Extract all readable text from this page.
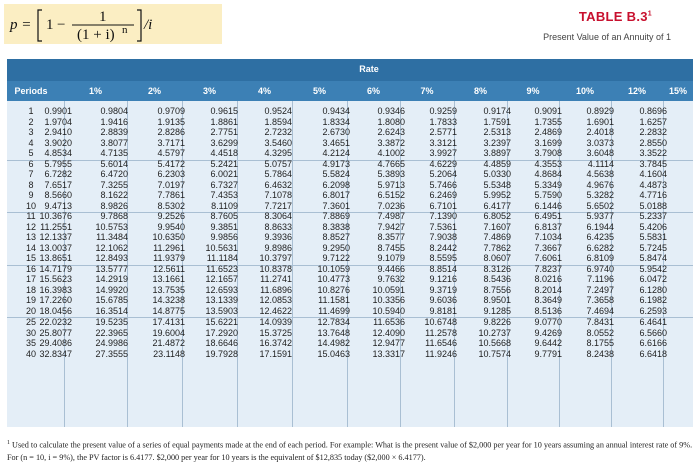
p = 1 − 1
(1 + i) n /i
TABLE $B.3^1$
Present Value of an Annuity of 1
Rate
Periods	1%	2%	3%	4%	5%	6%	7%	8%	9%	10%	12%	15%
1	0.9901	0.9804	0.9709	0.9615	0.9524	0.9434	0.9346	0.9259	0.9174	0.9091	0.8929	0.8696
2	1.9704	1.9416	1.9135	1.8861	1.8594	1.8334	1.8080	1.7833	1.7591	1.7355	1.6901	1.6257
3	2.9410	2.8839	2.8286	2.7751	2.7232	2.6730	2.6243	2.5771	2.5313	2.4869	2.4018	2.2832
4	3.9020	3.8077	3.7171	3.6299	3.5460	3.4651	3.3872	3.3121	3.2397	3.1699	3.0373	2.8550
5	4.8534	4.7135	4.5797	4.4518	4.3295	4.2124	4.1002	3.9927	3.8897	3.7908	3.6048	3.3522
6	5.7955	5.6014	5.4172	5.2421	5.0757	4.9173	4.7665	4.6229	4.4859	4.3553	4.1114	3.7845
7	6.7282	6.4720	6.2303	6.0021	5.7864	5.5824	5.3893	5.2064	5.0330	4.8684	4.5638	4.1604
8	7.6517	7.3255	7.0197	6.7327	6.4632	6.2098	5.9713	5.7466	5.5348	5.3349	4.9676	4.4873
9	8.5660	8.1622	7.7861	7.4353	7.1078	6.8017	6.5152	6.2469	5.9952	5.7590	5.3282	4.7716
10 9.4713	8.9826	8.5302	8.1109	7.7217	7.3601	7.0236	6.7101	6.4177	6.1446	5.6502	5.0188
11 10.3676	9.7868	9.2526	8.7605	8.3064	7.8869	7.4987	7.1390	6.8052	6.4951	5.9377	5.2337
12 11.2551	10.5753	9.9540	9.3851	8.8633	8.3838	7.9427	7.5361	7.1607	6.8137	6.1944	5.4206
13 12.1337	11.3484	10.6350	9.9856	9.3936	8.8527	8.3577	7.9038	7.4869	7.1034	6.4235	5.5831
14 13.0037	12.1062	11.2961	10.5631	9.8986	9.2950	8.7455	8.2442	7.7862	7.3667	6.6282	5.7245
15 13.8651	12.8493	11.9379	11.1184	10.3797	9.7122	9.1079	8.5595	8.0607	7.6061	6.8109	5.8474
16 14.7179	13.5777	12.5611	11.6523	10.8378	10.1059	9.4466	8.8514	8.3126	7.8237	6.9740	5.9542
17 15.5623	14.2919	13.1661	12.1657	11.2741	10.4773	9.7632	9.1216	8.5436	8.0216	7.1196	6.0472
18 16.3983	14.9920	13.7535	12.6593	11.6896	10.8276	10.0591	9.3719	8.7556	8.2014	7.2497	6.1280
19 17.2260	15.6785	14.3238	13.1339	12.0853	11.1581	10.3356	9.6036	8.9501	8.3649	7.3658	6.1982
20 18.0456	16.3514	14.8775	13.5903	12.4622	11.4699	10.5940	9.8181	9.1285	8.5136	7.4694	6.2593
25 22.0232	19.5235	17.4131	15.6221	14.0939	12.7834	11.6536	10.6748	9.8226	9.0770	7.8431	6.4641
30 25.8077	22.3965	19.6004	17.2920	15.3725	13.7648	12.4090	11.2578	10.2737	9.4269	8.0552	6.5660
35 29.4086	24.9986	21.4872	18.6646	16.3742	14.4982	12.9477	11.6546	10.5668	9.6442	8.1755	6.6166
40 32.8347	27.3555	23.1148	19.7928	17.1591	15.0463	13.3317	11.9246	10.7574	9.7791	8.2438	6.6418
$^1$ Used to calculate the present value of a series of equal payments made at the end of each period. For example: What is the present value of $2,000 per year for 10 years assuming an annual interest rate of 9%. For (n = 10, i = 9%), the PV factor is 6.4177. $2,000 per year for 10 years is the equivalent of $12,835 today ($2,000 × 6.4177).
